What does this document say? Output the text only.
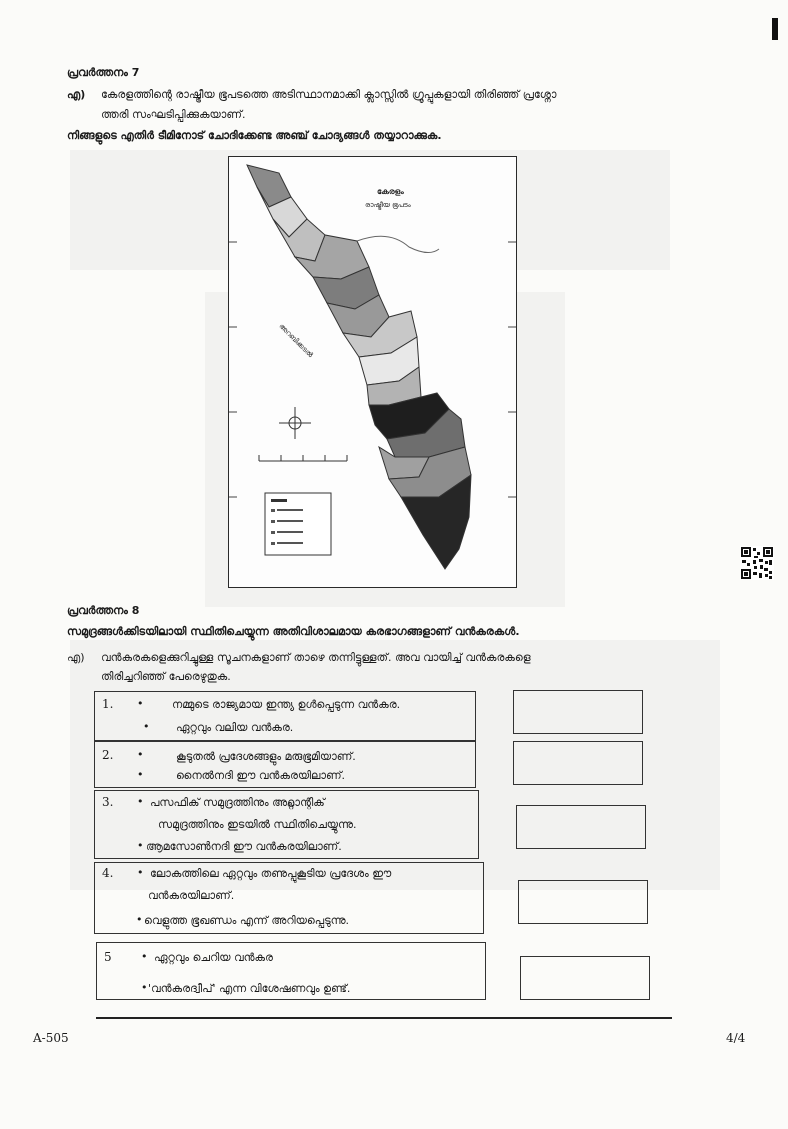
പ്രവർത്തനം 7
എ) കേരളത്തിന്റെ രാഷ്ട്രീയ ഭൂപടത്തെ അടിസ്ഥാനമാക്കി ക്ലാസ്സിൽ ഗ്രൂപ്പുകളായി തിരിഞ്ഞ് പ്രശ്നോ
ത്തരി സംഘടിപ്പിക്കുകയാണ്.
നിങ്ങളുടെ എതിർ ടീമിനോട് ചോദിക്കേണ്ട അഞ്ച് ചോദ്യങ്ങൾ തയ്യാറാക്കുക.
കേരളം
രാഷ്ട്രീയ ഭൂപടം
അറബിക്കടൽ
പ്രവർത്തനം 8
സമുദ്രങ്ങൾക്കിടയിലായി സ്ഥിതിചെയ്യുന്ന അതിവിശാലമായ കരഭാഗങ്ങളാണ് വൻകരകൾ.
എ) വൻകരകളെക്കുറിച്ചുള്ള സൂചനകളാണ് താഴെ തന്നിട്ടുള്ളത്. അവ വായിച്ച് വൻകരകളെ
തിരിച്ചറിഞ്ഞ് പേരെഴുതുക.
1. •	നമ്മുടെ രാജ്യമായ ഇന്ത്യ ഉൾപ്പെടുന്ന വൻകര.
• ഏറ്റവും വലിയ വൻകര.
2. •	കൂടുതൽ പ്രദേശങ്ങളും മരുഭൂമിയാണ്.
•	നൈൽനദി ഈ വൻകരയിലാണ്.
3. • പസഫിക് സമുദ്രത്തിനും അറ്റ്ലാന്റിക്
സമുദ്രത്തിനും ഇടയിൽ സ്ഥിതിചെയ്യുന്നു.
• ആമസോൺനദി ഈ വൻകരയിലാണ്.
4. • ലോകത്തിലെ ഏറ്റവും തണുപ്പുകൂടിയ പ്രദേശം ഈ
വൻകരയിലാണ്.
• വെളുത്ത ഭൂഖണ്ഡം എന്ന് അറിയപ്പെടുന്നു.
5	• ഏറ്റവും ചെറിയ വൻകര
• 'വൻകരദ്വീപ്' എന്ന വിശേഷണവും ഉണ്ട്.
A-505	4/4
